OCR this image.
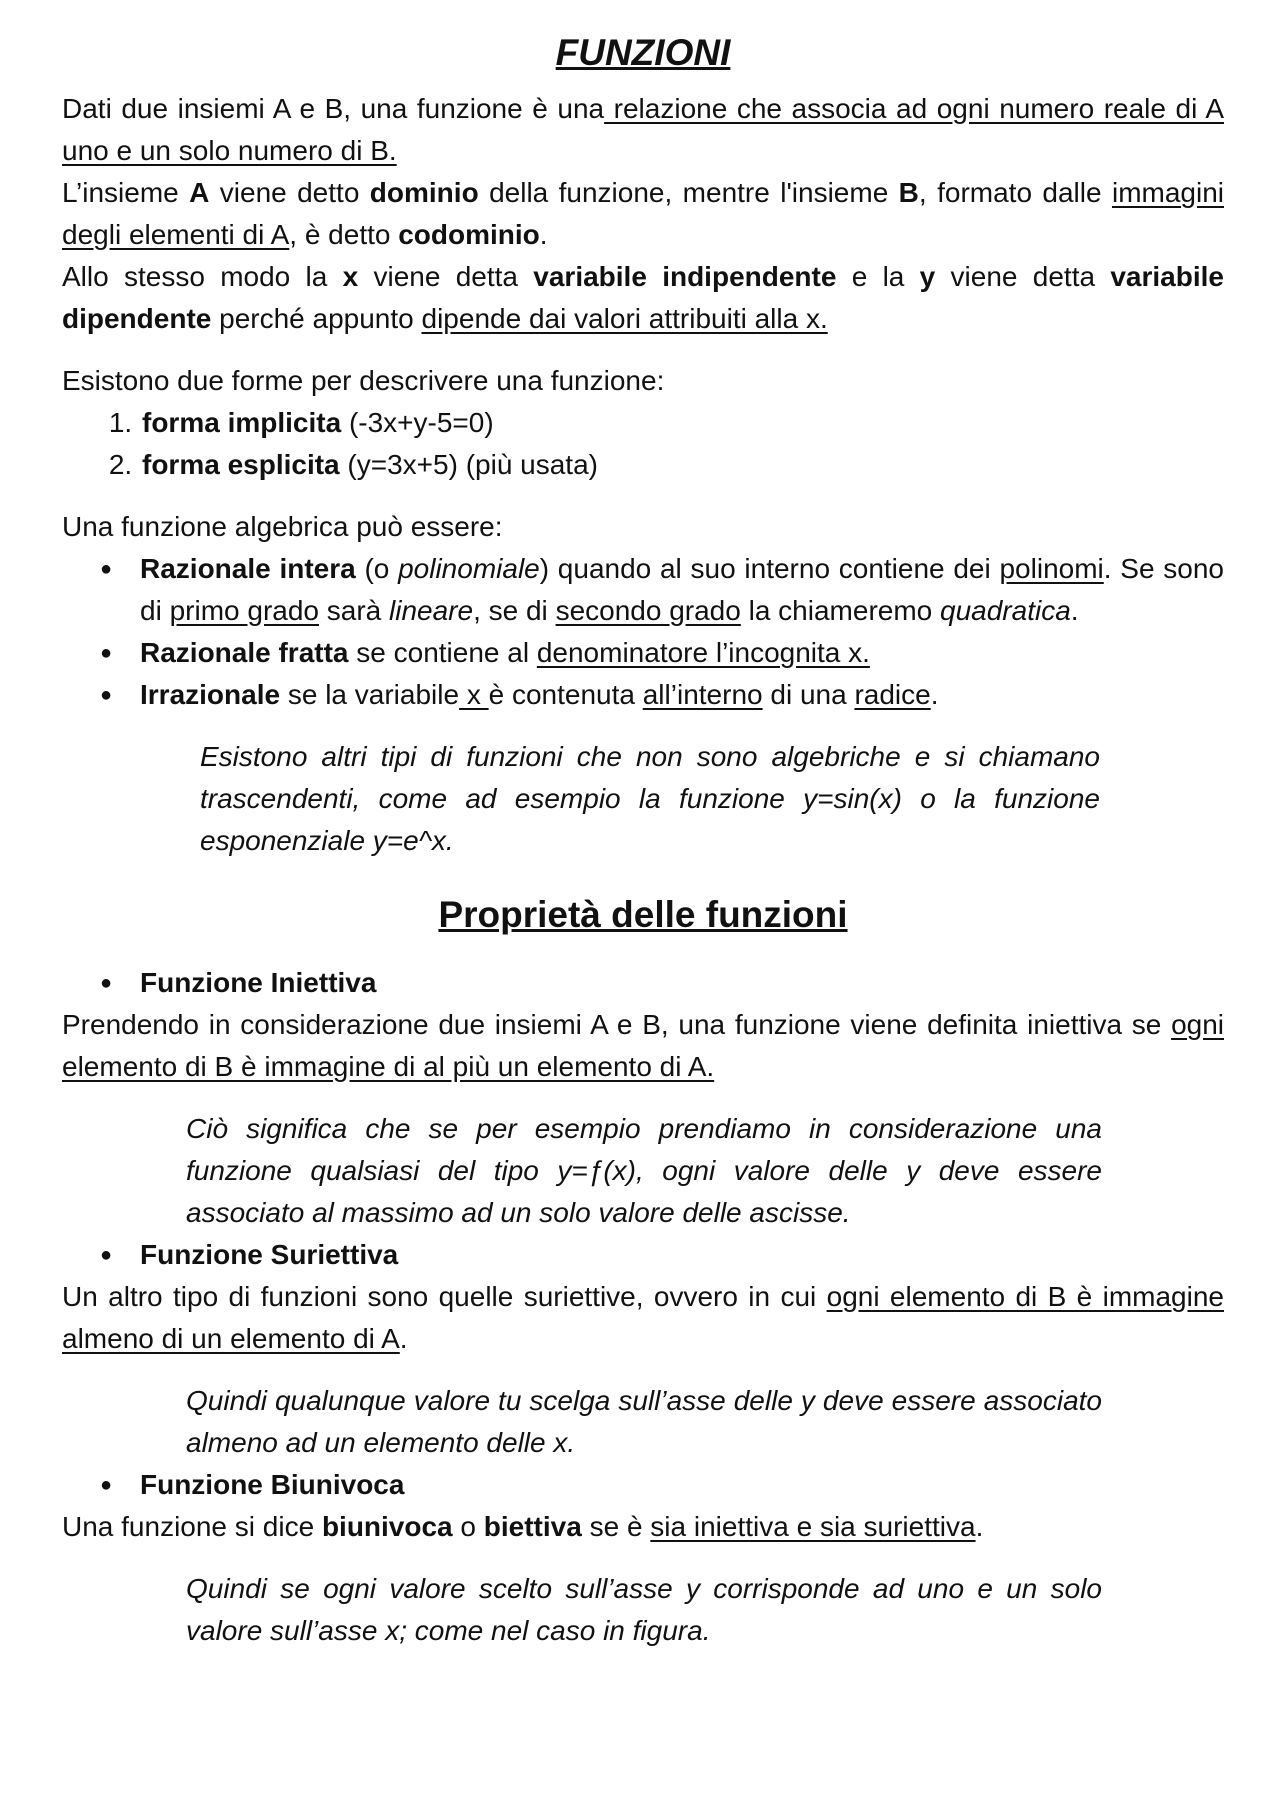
FUNZIONI

Dati due insiemi A e B, una funzione è una relazione che associa ad ogni numero reale di A uno e un solo numero di B.

L’insieme A viene detto dominio della funzione, mentre l'insieme B, formato dalle immagini degli elementi di A, è detto codominio.

Allo stesso modo la x viene detta variabile indipendente e la y viene detta variabile dipendente perché appunto dipende dai valori attribuiti alla x.

Esistono due forme per descrivere una funzione:

1. forma implicita (-3x+y-5=0)
2. forma esplicita (y=3x+5) (più usata)

Una funzione algebrica può essere:

● Razionale intera (o polinomiale) quando al suo interno contiene dei polinomi. Se sono di primo grado sarà lineare, se di secondo grado la chiameremo quadratica.
● Razionale fratta se contiene al denominatore l’incognita x.
● Irrazionale se la variabile x è contenuta all’interno di una radice.

Esistono altri tipi di funzioni che non sono algebriche e si chiamano trascendenti, come ad esempio la funzione y=sin(x) o la funzione esponenziale y=e^x.

Proprietà delle funzioni
● Funzione Iniettiva

Prendendo in considerazione due insiemi A e B, una funzione viene definita iniettiva se ogni elemento di B è immagine di al più un elemento di A.

Ciò significa che se per esempio prendiamo in considerazione una funzione qualsiasi del tipo y=ƒ(x), ogni valore delle y deve essere associato al massimo ad un solo valore delle ascisse.

● Funzione Suriettiva

Un altro tipo di funzioni sono quelle suriettive, ovvero in cui ogni elemento di B è immagine almeno di un elemento di A.

Quindi qualunque valore tu scelga sull’asse delle y deve essere associato almeno ad un elemento delle x.

● Funzione Biunivoca

Una funzione si dice biunivoca o biettiva se è sia iniettiva e sia suriettiva.

Quindi se ogni valore scelto sull’asse y corrisponde ad uno e un solo valore sull’asse x; come nel caso in figura.
